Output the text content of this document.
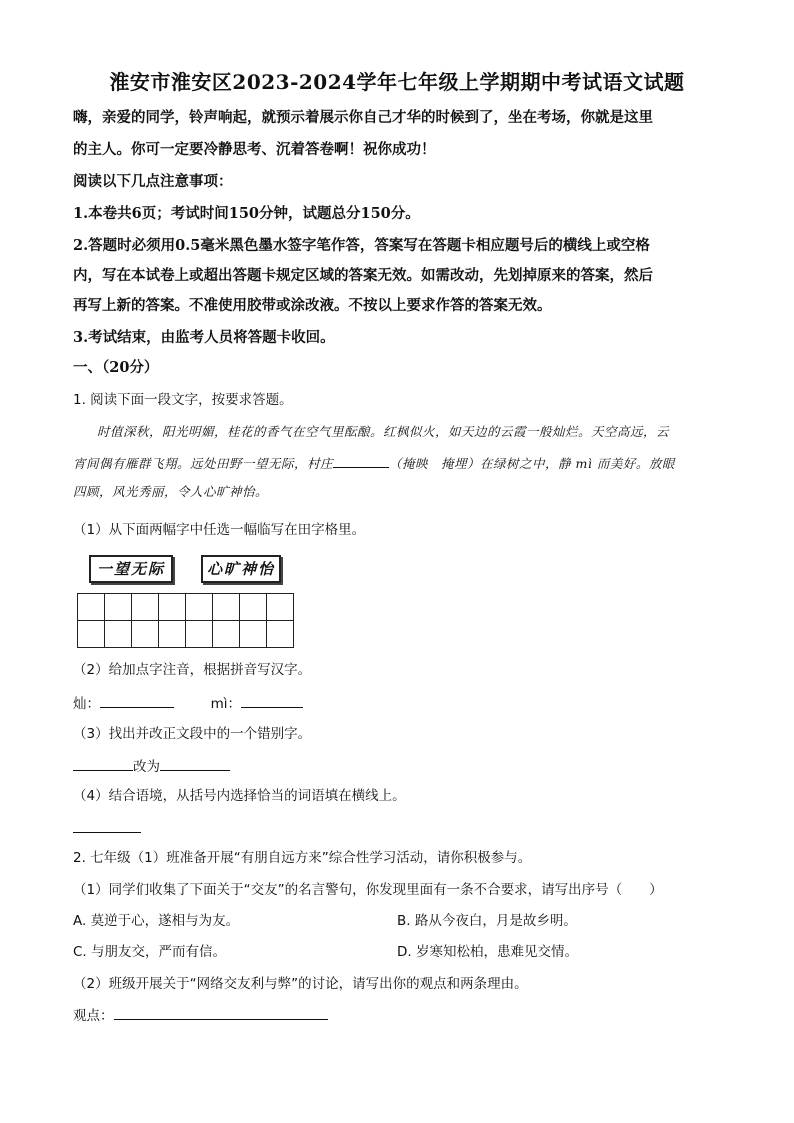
淮安市淮安区2023-2024学年七年级上学期期中考试语文试题
嗨，亲爱的同学，铃声响起，就预示着展示你自己才华的时候到了，坐在考场，你就是这里
的主人。你可一定要冷静思考、沉着答卷啊！祝你成功！
阅读以下几点注意事项：
1.本卷共6页；考试时间150分钟，试题总分150分。
2.答题时必须用0.5毫米黑色墨水签字笔作答，答案写在答题卡相应题号后的横线上或空格
内，写在本试卷上或超出答题卡规定区域的答案无效。如需改动，先划掉原来的答案，然后
再写上新的答案。不准使用胶带或涂改液。不按以上要求作答的答案无效。
3.考试结束，由监考人员将答题卡收回。
一、（20分）
1. 阅读下面一段文字，按要求答题。
时值深秋，阳光明媚，桂花的香气在空气里酝酿。红枫似火，如天边的云霞一般灿烂。天空高远，云
宵间偶有雁群飞翔。远处田野一望无际，村庄	（掩映　掩埋）在绿树之中，静 mì 而美好。放眼
四顾，风光秀丽，令人心旷神怡。
（1）从下面两幅字中任选一幅临写在田字格里。
一望无际	心旷神怡

（2）给加点字注音，根据拼音写汉字。
灿：	mì：
（3）找出并改正文段中的一个错别字。
改为
（4）结合语境，从括号内选择恰当的词语填在横线上。
2. 七年级（1）班准备开展“有朋自远方来”综合性学习活动，请你积极参与。
（1）同学们收集了下面关于“交友”的名言警句，你发现里面有一条不合要求，请写出序号（　　）
A. 莫逆于心，遂相与为友。	B. 路从今夜白，月是故乡明。
C. 与朋友交，严而有信。	D. 岁寒知松柏，患难见交情。
（2）班级开展关于“网络交友利与弊”的讨论，请写出你的观点和两条理由。
观点：
